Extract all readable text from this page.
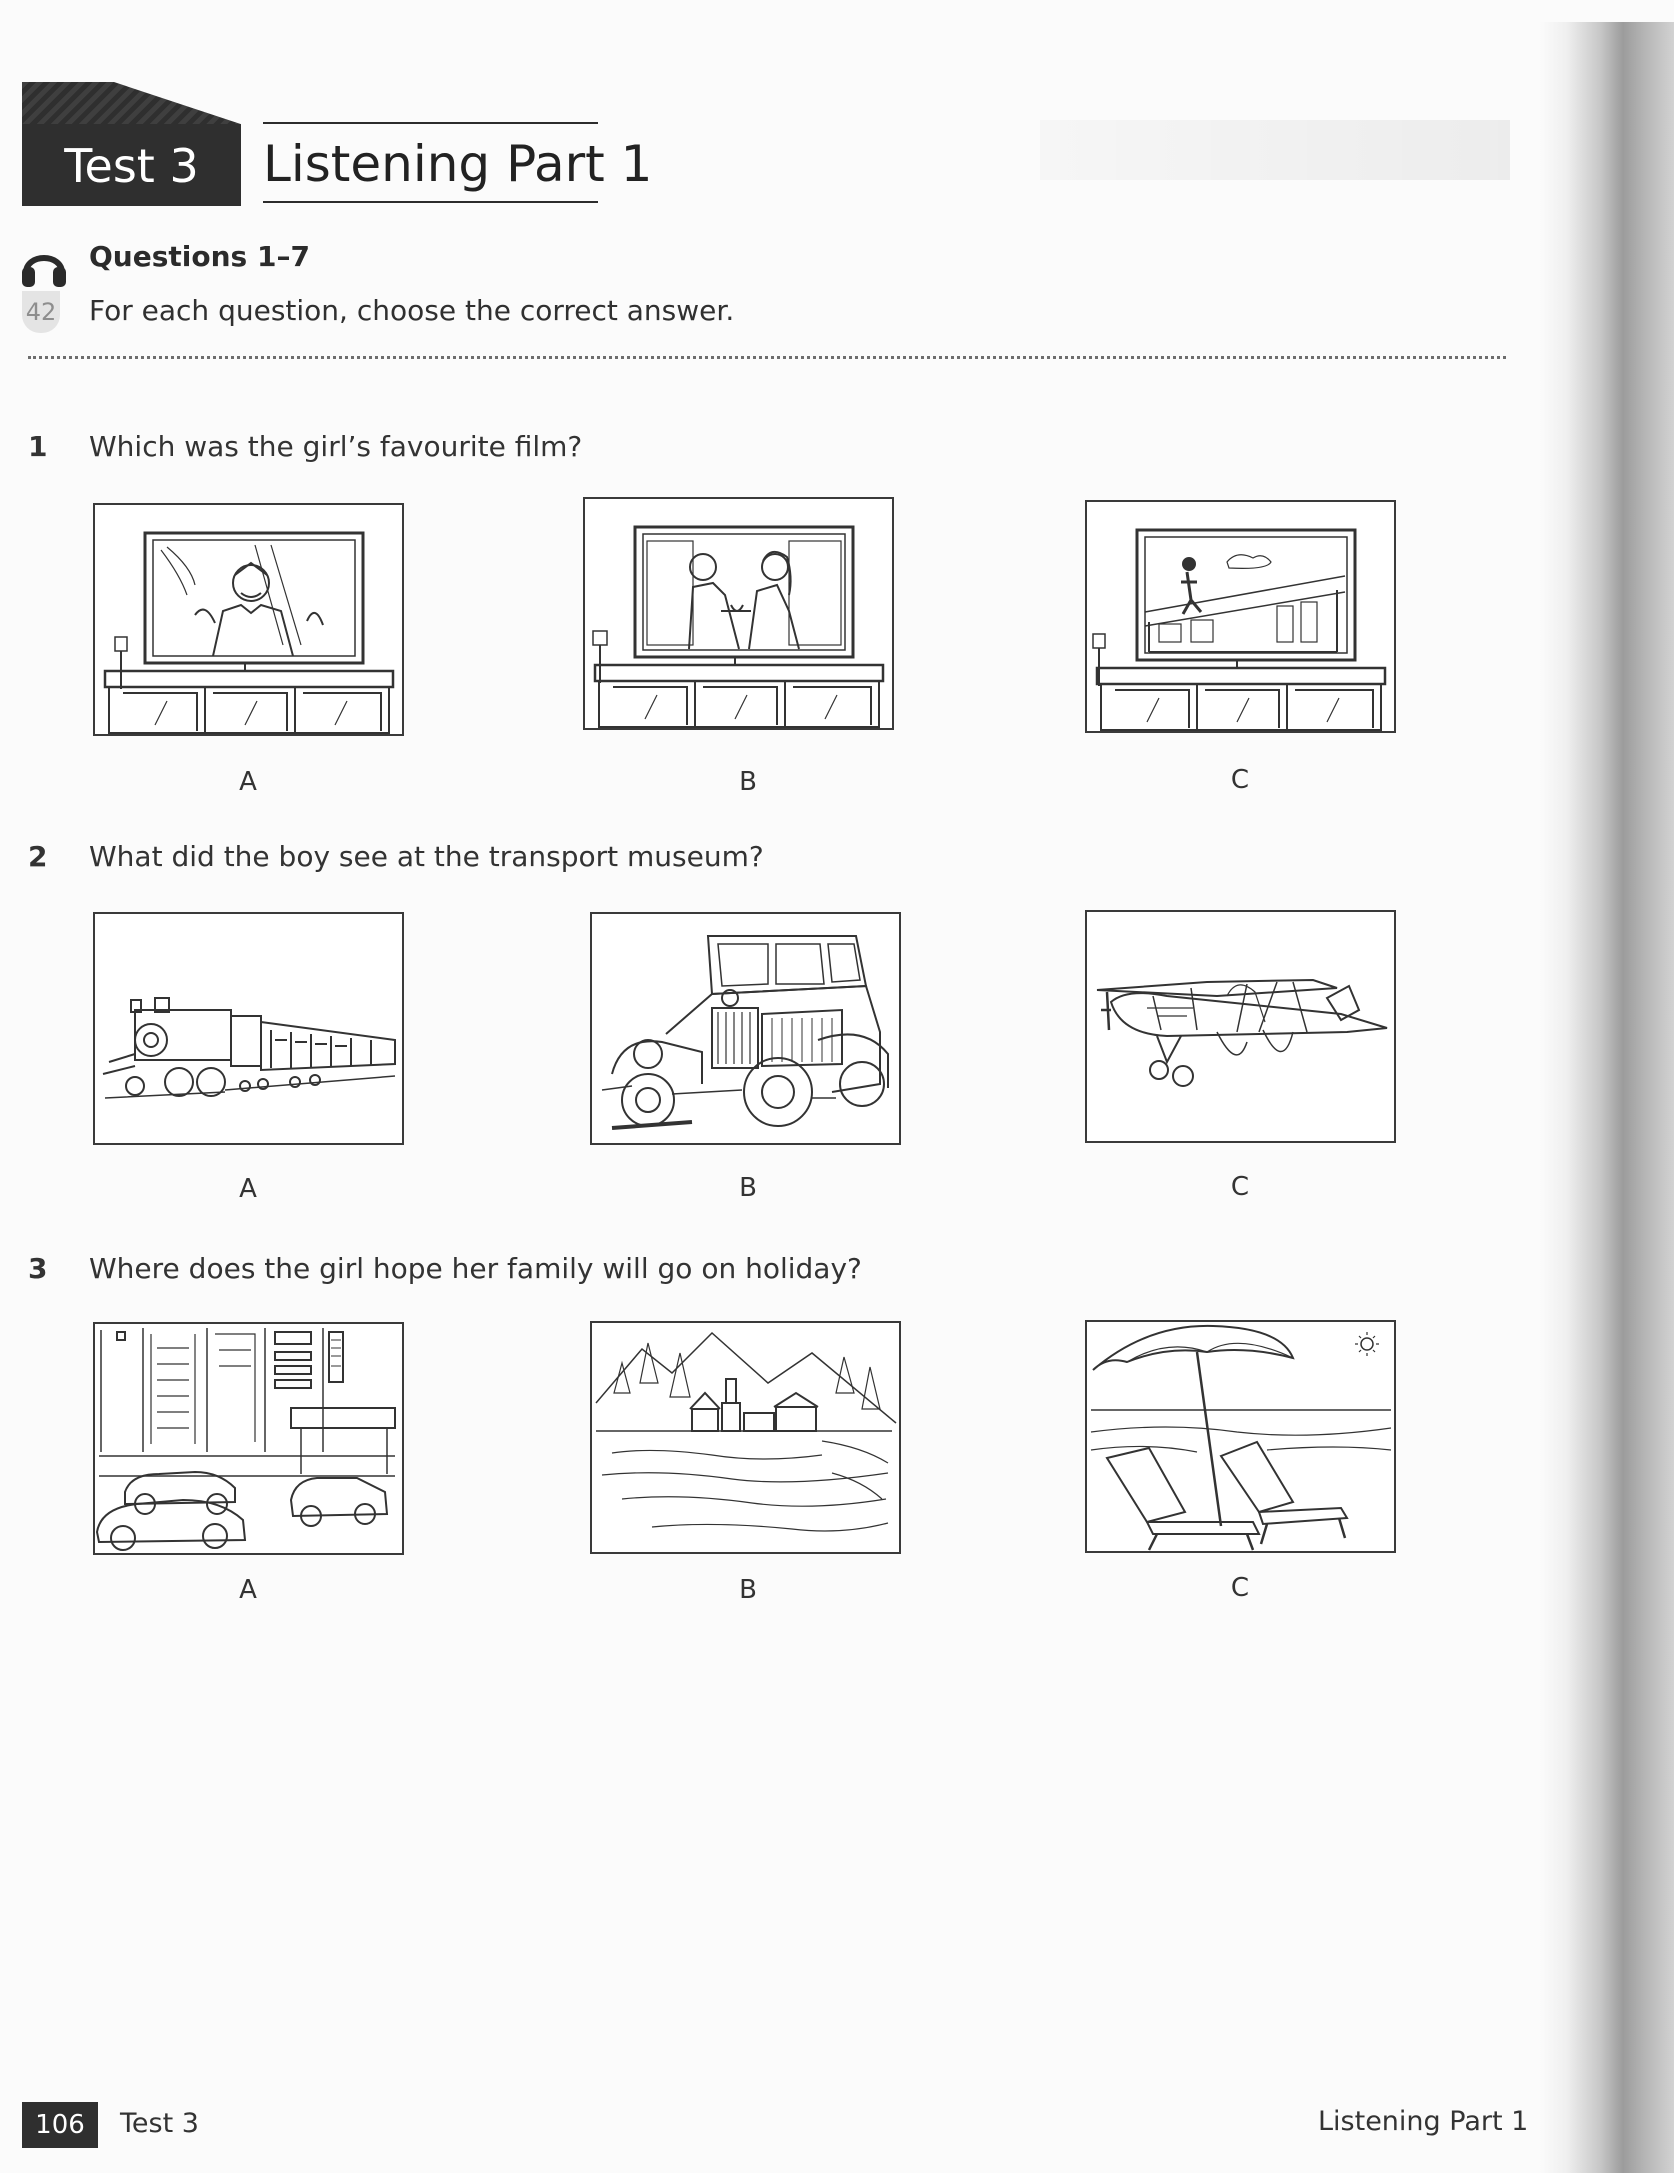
Test 3	Listening Part 1
42
Questions 1–7
For each question, choose the correct answer.
1 Which was the girl’s favourite film?
A	B	C
2 What did the boy see at the transport museum?
A	B	C
3 Where does the girl hope her family will go on holiday?
A	B	C
106	Test 3	Listening Part 1
